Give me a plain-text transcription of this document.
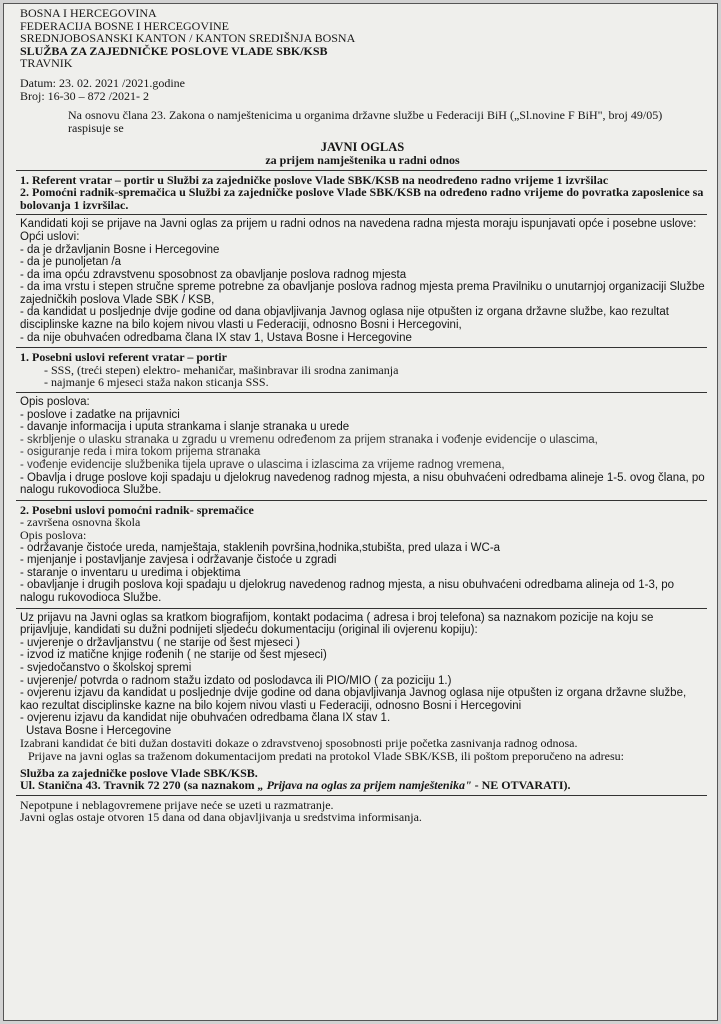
BOSNA I HERCEGOVINA

FEDERACIJA BOSNE I HERCEGOVINE

SREDNJOBOSANSKI KANTON / KANTON SREDIŠNJA BOSNA

SLUŽBA ZA ZAJEDNIČKE POSLOVE VLADE SBK/KSB

TRAVNIK

Datum: 23. 02. 2021 /2021.godine

Broj: 16-30 – 872 /2021- 2

Na osnovu člana 23. Zakona o namještenicima u organima državne službe u Federaciji BiH („Sl.novine F BiH", broj 49/05) raspisuje se

JAVNI OGLAS

za prijem namještenika u radni odnos

1. Referent vratar – portir u Službi za zajedničke poslove Vlade SBK/KSB na neodređeno radno vrijeme 1 izvršilac

2. Pomoćni radnik-spremačica u Službi za zajedničke poslove Vlade SBK/KSB na određeno radno vrijeme do povratka zaposlenice sa bolovanja 1 izvršilac.

Kandidati koji se prijave na Javni oglas za prijem u radni odnos na navedena radna mjesta moraju ispunjavati opće i posebne uslove:

Opći uslovi:

- da je državljanin Bosne i Hercegovine

- da je punoljetan /a

- da ima opću zdravstvenu sposobnost za obavljanje poslova radnog mjesta

- da ima vrstu i stepen stručne spreme potrebne za obavljanje poslova radnog mjesta prema Pravilniku o unutarnjoj organizaciji Službe zajedničkih poslova Vlade SBK / KSB,

- da kandidat u posljednje dvije godine od dana objavljivanja Javnog oglasa nije otpušten iz organa državne službe, kao rezultat disciplinske kazne na bilo kojem nivou vlasti u Federaciji, odnosno Bosni i Hercegovini,

- da nije obuhvaćen odredbama člana IX stav 1, Ustava Bosne i Hercegovine

1. Posebni uslovi referent vratar – portir

- SSS, (treći stepen) elektro- mehaničar, mašinbravar ili srodna zanimanja

- najmanje 6 mjeseci staža nakon sticanja SSS.

Opis poslova:

- poslove i zadatke na prijavnici

- davanje informacija i uputa strankama i slanje stranaka u urede

- skrbljenje o ulasku stranaka u zgradu u vremenu određenom za prijem stranaka i vođenje evidencije o ulascima,

- osiguranje reda i mira tokom prijema stranaka

- vođenje evidencije službenika tijela uprave o ulascima i izlascima za vrijeme radnog vremena,

- Obavlja i druge poslove koji spadaju u djelokrug navedenog radnog mjesta, a nisu obuhvaćeni odredbama alineje 1-5. ovog člana, po nalogu rukovodioca Službe.

2. Posebni uslovi pomoćni radnik- spremačice

- završena osnovna škola

Opis poslova:

- održavanje čistoće ureda, namještaja, staklenih površina,hodnika,stubišta, pred ulaza i WC-a

- mjenjanje i postavljanje zavjesa i održavanje čistoće u zgradi

- staranje o inventaru u uredima i objektima

- obavljanje i drugih poslova koji spadaju u djelokrug navedenog radnog mjesta, a nisu obuhvaćeni odredbama alineja od 1-3, po nalogu rukovodioca Službe.

Uz prijavu na Javni oglas sa kratkom biografijom, kontakt podacima ( adresa i broj telefona) sa naznakom pozicije na koju se prijavljuje, kandidati su dužni podnijeti sljedeću dokumentaciju (original ili ovjerenu kopiju):

- uvjerenje o državljanstvu ( ne starije od šest mjeseci )

- izvod iz matične knjige rođenih ( ne starije od šest mjeseci)

- svjedočanstvo o školskoj spremi

- uvjerenje/ potvrda o radnom stažu izdato od poslodavca ili PIO/MIO ( za poziciju 1.)

- ovjerenu izjavu da kandidat u posljednje dvije godine od dana objavljivanja Javnog oglasa nije otpušten iz organa državne službe, kao rezultat disciplinske kazne na bilo kojem nivou vlasti u Federaciji, odnosno Bosni i Hercegovini

- ovjerenu izjavu da kandidat nije obuhvaćen odredbama člana IX stav 1.

Ustava Bosne i Hercegovine

Izabrani kandidat će biti dužan dostaviti dokaze o zdravstvenoj sposobnosti prije početka zasnivanja radnog odnosa.

Prijave na javni oglas sa traženom dokumentacijom predati na protokol Vlade SBK/KSB, ili poštom preporučeno na adresu:

Služba za zajedničke poslove Vlade SBK/KSB.

Ul. Stanična 43. Travnik 72 270 (sa naznakom „ Prijava na oglas za prijem namještenika" - NE OTVARATI).

Nepotpune i neblagovremene prijave neće se uzeti u razmatranje.

Javni oglas ostaje otvoren 15 dana od dana objavljivanja u sredstvima informisanja.
